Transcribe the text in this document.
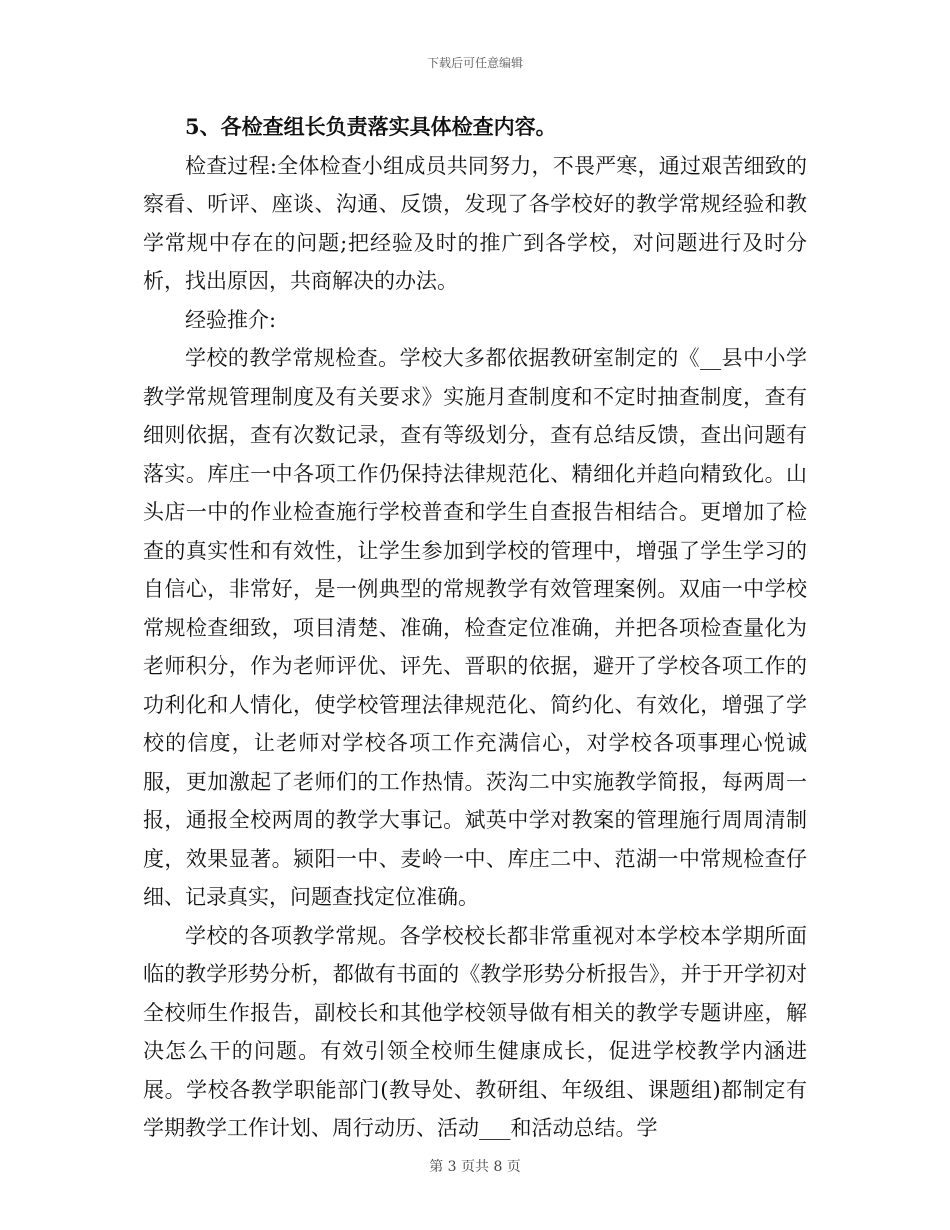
下载后可任意编辑

5、各检查组长负责落实具体检查内容。

检查过程:全体检查小组成员共同努力，不畏严寒，通过艰苦细致的察看、听评、座谈、沟通、反馈，发现了各学校好的教学常规经验和教学常规中存在的问题;把经验及时的推广到各学校，对问题进行及时分析，找出原因，共商解决的办法。

经验推介:

学校的教学常规检查。学校大多都依据教研室制定的《__县中小学教学常规管理制度及有关要求》实施月查制度和不定时抽查制度，查有细则依据，查有次数记录，查有等级划分，查有总结反馈，查出问题有落实。库庄一中各项工作仍保持法律规范化、精细化并趋向精致化。山头店一中的作业检查施行学校普查和学生自查报告相结合。更增加了检查的真实性和有效性，让学生参加到学校的管理中，增强了学生学习的自信心，非常好，是一例典型的常规教学有效管理案例。双庙一中学校常规检查细致，项目清楚、准确，检查定位准确，并把各项检查量化为老师积分，作为老师评优、评先、晋职的依据，避开了学校各项工作的功利化和人情化，使学校管理法律规范化、简约化、有效化，增强了学校的信度，让老师对学校各项工作充满信心，对学校各项事理心悦诚服，更加激起了老师们的工作热情。茨沟二中实施教学简报，每两周一报，通报全校两周的教学大事记。斌英中学对教案的管理施行周周清制度，效果显著。颍阳一中、麦岭一中、库庄二中、范湖一中常规检查仔细、记录真实，问题查找定位准确。

学校的各项教学常规。各学校校长都非常重视对本学校本学期所面临的教学形势分析，都做有书面的《教学形势分析报告》，并于开学初对全校师生作报告，副校长和其他学校领导做有相关的教学专题讲座，解决怎么干的问题。有效引领全校师生健康成长，促进学校教学内涵进展。学校各教学职能部门(教导处、教研组、年级组、课题组)都制定有学期教学工作计划、周行动历、活动___和活动总结。学

第 3 页共 8 页
